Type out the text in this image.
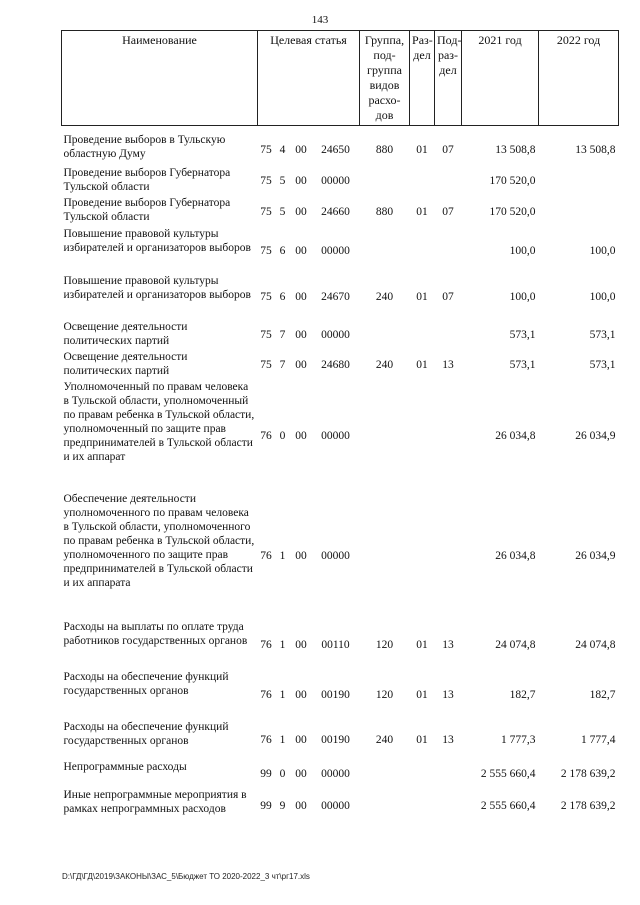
143
Наименование	Целевая статья				Группа, под- группа видов расхо- дов	Раз- дел	Под- раз- дел	2021 год	2022 год

Проведение выборов в Тульскую областную Думу	75	4	00	24650	880	01	07	13 508,8	13 508,8
Проведение выборов Губернатора Тульской области	75	5	00	00000				170 520,0	
Проведение выборов Губернатора Тульской области	75	5	00	24660	880	01	07	170 520,0	
Повышение правовой культуры избирателей и организаторов выборов	75	6	00	00000				100,0	100,0
Повышение правовой культуры избирателей и организаторов выборов	75	6	00	24670	240	01	07	100,0	100,0
Освещение деятельности политических партий	75	7	00	00000				573,1	573,1
Освещение деятельности политических партий	75	7	00	24680	240	01	13	573,1	573,1
Уполномоченный по правам человека в Тульской области, уполномоченный по правам ребенка в Тульской области, уполномоченный по защите прав предпринимателей в Тульской области и их аппарат	76	0	00	00000				26 034,8	26 034,9
Обеспечение деятельности уполномоченного по правам человека в Тульской области, уполномоченного по правам ребенка в Тульской области, уполномоченного по защите прав предпринимателей в Тульской области и их аппарата	76	1	00	00000				26 034,8	26 034,9
Расходы на выплаты по оплате труда работников государственных органов	76	1	00	00110	120	01	13	24 074,8	24 074,8
Расходы на обеспечение функций государственных органов	76	1	00	00190	120	01	13	182,7	182,7
Расходы на обеспечение функций государственных органов	76	1	00	00190	240	01	13	1 777,3	1 777,4
Непрограммные расходы	99	0	00	00000				2 555 660,4	2 178 639,2
Иные непрограммные мероприятия в рамках непрограммных расходов	99	9	00	00000				2 555 660,4	2 178 639,2
D:\ГД\ГД\2019\ЗАКОНЫ\ЗАС_5\Бюджет ТО 2020-2022_3 чт\рг17.xls
